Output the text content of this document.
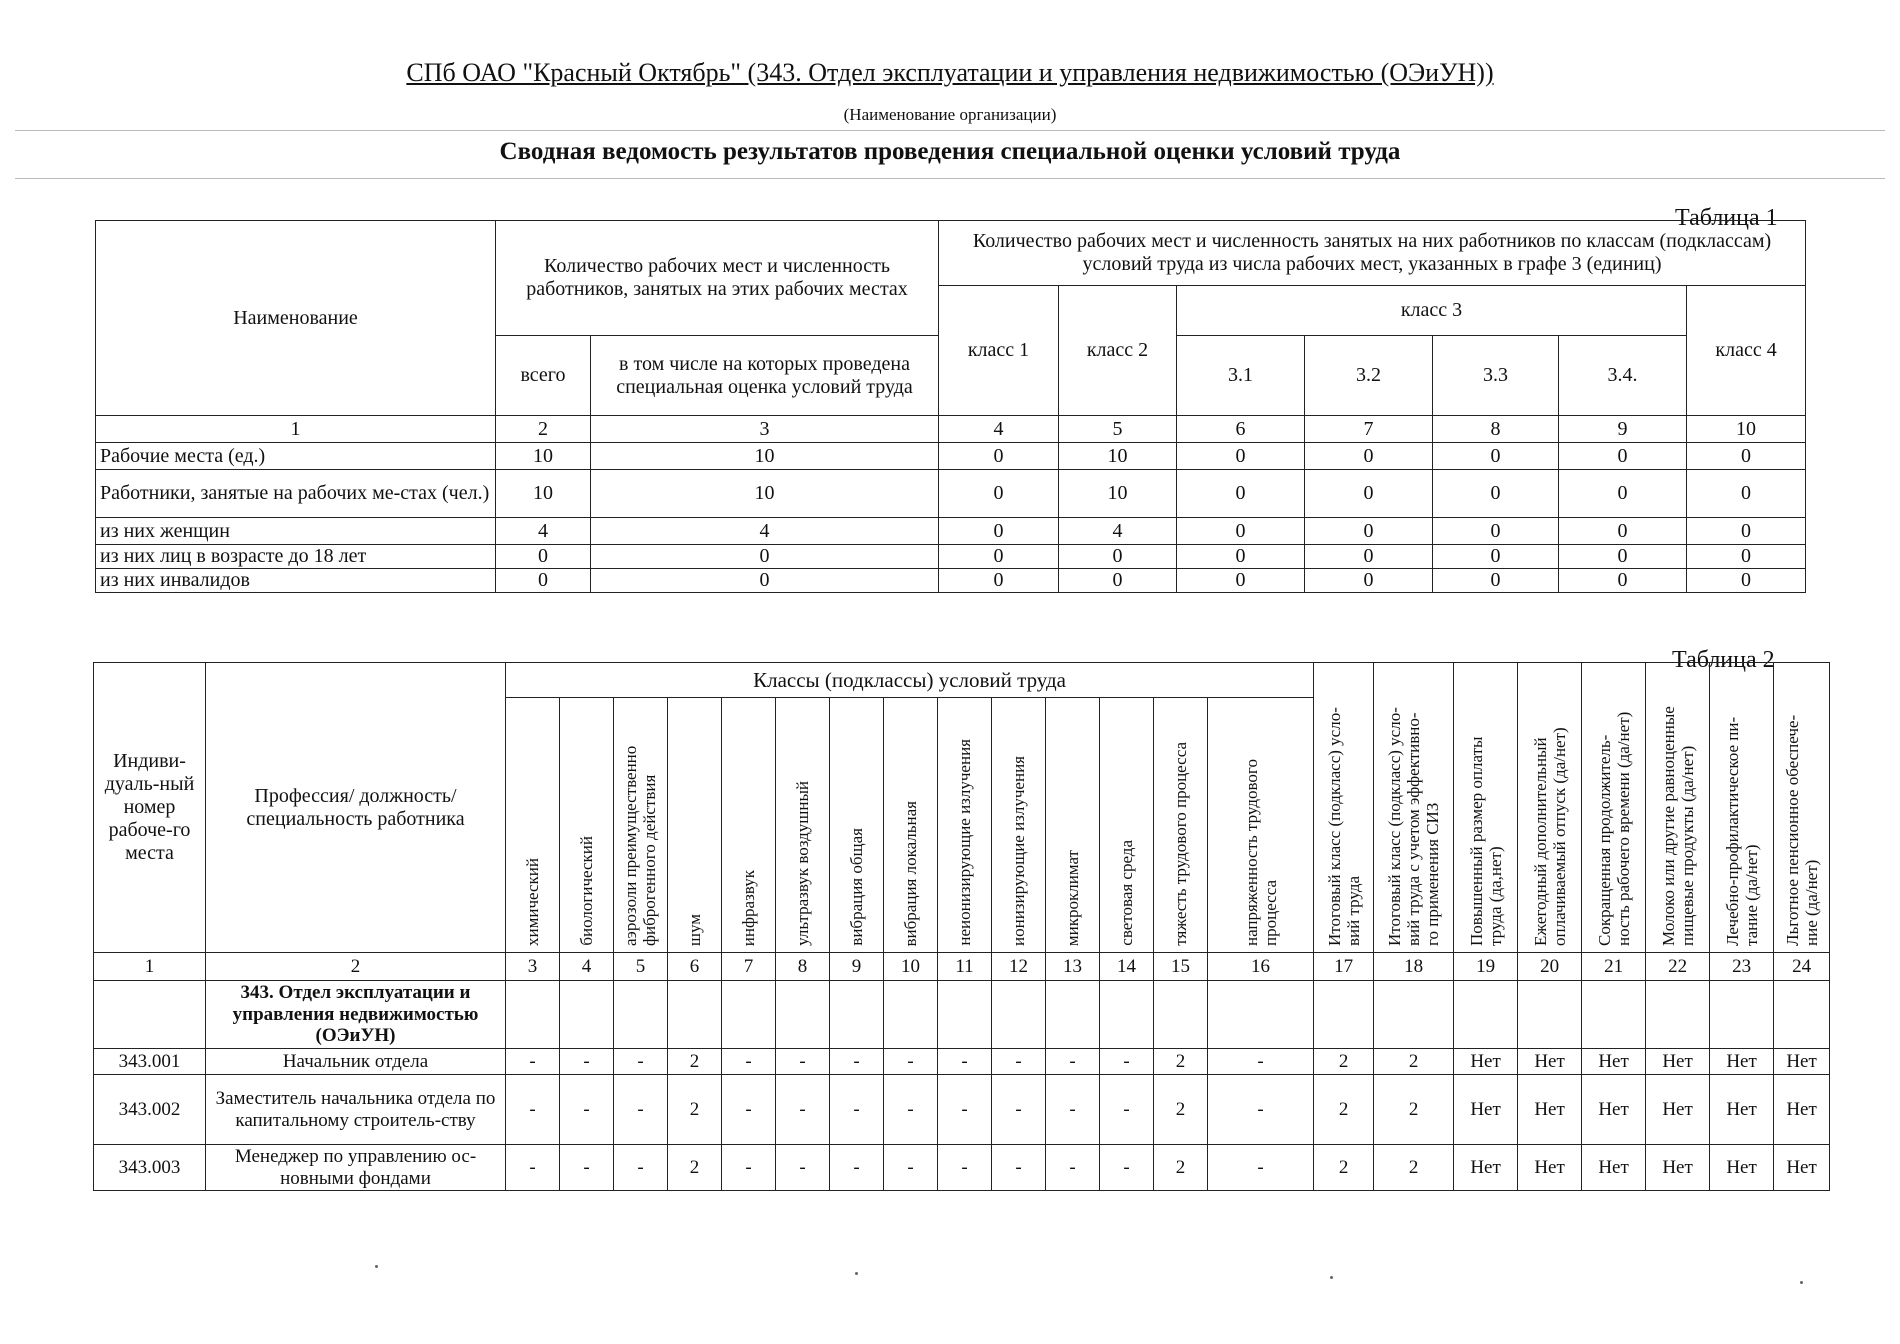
СПб ОАО "Красный Октябрь" (343. Отдел эксплуатации и управления недвижимостью (ОЭиУН))
(Наименование организации)
Сводная ведомость результатов проведения специальной оценки условий труда
Таблица 1
Наименование	Количество рабочих мест и численность работников, занятых на этих рабочих местах		Количество рабочих мест и численность занятых на них работников по классам (подклассам) условий труда из числа рабочих мест, указанных в графе 3 (единиц)						
			класс 1	класс 2	класс 3				класс 4
	всего	в том числе на которых проведена специальная оценка условий труда			3.1	3.2	3.3	3.4.	
1	2	3	4	5	6	7	8	9	10
Рабочие места (ед.)	10	10	0	10	0	0	0	0	0
Работники, занятые на рабочих ме-стах (чел.)	10	10	0	10	0	0	0	0	0
из них женщин	4	4	0	4	0	0	0	0	0
из них лиц в возрасте до 18 лет	0	0	0	0	0	0	0	0	0
из них инвалидов	0	0	0	0	0	0	0	0	0
Таблица 2
Индиви-дуаль-ный номер рабоче-го места	Профессия/ должность/ специальность работника	Классы (подклассы) условий труда														Итоговый класс (подкласс) усло-вий труда	Итоговый класс (подкласс) усло-вий труда с учетом эффективно-го применения СИЗ	Повышенный размер оплаты труда (да,нет)	Ежегодный дополнительный оплачиваемый отпуск (да/нет)	Сокращенная продолжитель-ность рабочего времени (да/нет)	Молоко или другие равноценные пищевые продукты (да/нет)	Лечебно-профилактическое пи-тание (да/нет)	Льготное пенсионное обеспече-ние (да/нет)

		химический	биологический	аэрозоли преимущественно фиброгенного действия	шум	инфразвук	ультразвук воздушный	вибрация общая	вибрация локальная	неионизирующие излучения	ионизирующие излучения	микроклимат	световая среда	тяжесть трудового процесса	напряженность трудового процесса								

1	2	3	4	5	6	7	8	9	10	11	12	13	14	15	16	17	18	19	20	21	22	23	24
	343. Отдел эксплуатации и управления недвижимостью (ОЭиУН)																						
343.001	Начальник отдела	-	-	-	2	-	-	-	-	-	-	-	-	2	-	2	2	Нет	Нет	Нет	Нет	Нет	Нет
343.002	Заместитель начальника отдела по капитальному строитель-ству	-	-	-	2	-	-	-	-	-	-	-	-	2	-	2	2	Нет	Нет	Нет	Нет	Нет	Нет
343.003	Менеджер по управлению ос-новными фондами	-	-	-	2	-	-	-	-	-	-	-	-	2	-	2	2	Нет	Нет	Нет	Нет	Нет	Нет
